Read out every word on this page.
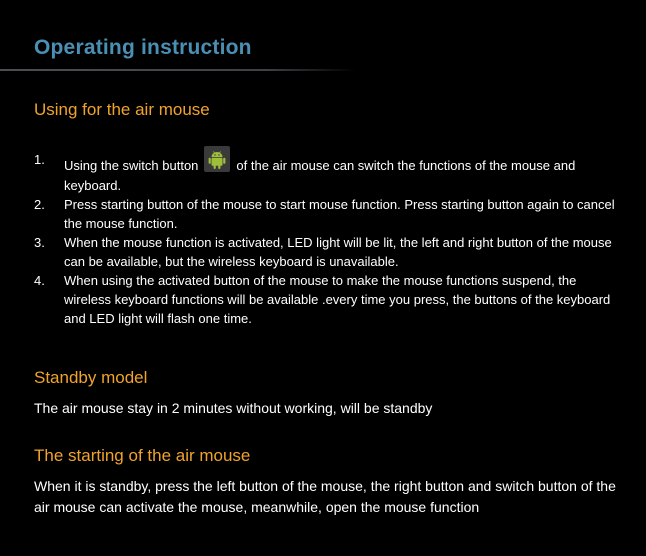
Operating instruction
Using for the air mouse
1. Using the switch button	of the air mouse can switch the functions of the mouse and keyboard.
2. Press starting button of the mouse to start mouse function. Press starting button again to cancel the mouse function.
3. When the mouse function is activated, LED light will be lit, the left and right button of the mouse can be available, but the wireless keyboard is unavailable.
4. When using the activated button of the mouse to make the mouse functions suspend, the wireless keyboard functions will be available .every time you press, the buttons of the keyboard and LED light will flash one time.
Standby model
The air mouse stay in 2 minutes without working, will be standby
The starting of the air mouse
When it is standby, press the left button of the mouse, the right button and switch button of the air mouse can activate the mouse, meanwhile, open the mouse function
